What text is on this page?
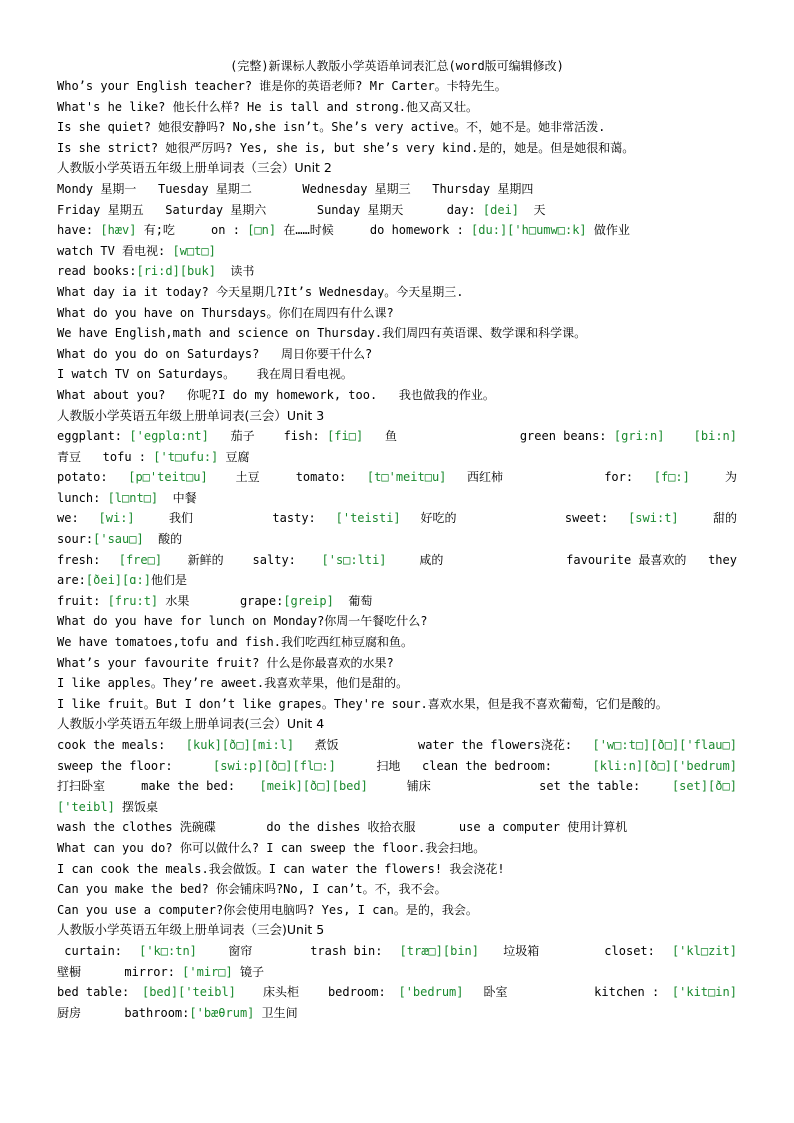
(完整)新课标人教版小学英语单词表汇总(word版可编辑修改)
Who’s your English teacher? 谁是你的英语老师? Mr Carter。卡特先生。
What's he like? 他长什么样? He is tall and strong.他又高又壮。
Is she quiet? 她很安静吗? No,she isn’t。She’s very active。不，她不是。她非常活泼.
Is she strict? 她很严厉吗? Yes, she is, but she’s very kind.是的，她是。但是她很和蔼。
人教版小学英语五年级上册单词表（三会）Unit 2
Mondy 星期一   Tuesday 星期二       Wednesday 星期三   Thursday 星期四
Friday 星期五   Saturday 星期六       Sunday 星期天      day: [dei]  天
have: [hæv] 有;吃     on : [□n] 在……时候     do homework : [du:]['h□umw□:k] 做作业
watch TV 看电视: [w□t□]
read books:[ri:d][buk]  读书
What day ia it today? 今天星期几?It’s Wednesday。今天星期三.
What do you have on Thursdays。你们在周四有什么课?
We have English,math and science on Thursday.我们周四有英语课、数学课和科学课。
What do you do on Saturdays?   周日你要干什么?
I watch TV on Saturdays。   我在周日看电视。
What about you?   你呢?I do my homework, too.   我也做我的作业。
人教版小学英语五年级上册单词表(三会）Unit 3
eggplant: ['egplɑ:nt] 茄子    fish: [fi□] 鱼                 green beans: [gri:n]
[bi:n]
青豆   tofu : ['t□ufu:] 豆腐
potato: [p□'teit□u] 土豆     tomato: [t□'meit□u] 西红柿              for: [f□:] 为
lunch: [l□nt□]  中餐
we: [wi:] 我们           tasty: ['teisti] 好吃的               sweet: [swi:t] 甜的
sour:['sau□]  酸的
fresh: [fre□] 新鲜的    salty: ['s□:lti] 咸的                 favourite 最喜欢的   they
are:[ðei][ɑ:]他们是
fruit: [fru:t] 水果       grape:[greip]  葡萄
What do you have for lunch on Monday?你周一午餐吃什么?
We have tomatoes,tofu and fish.我们吃西红柿豆腐和鱼。
What’s your favourite fruit? 什么是你最喜欢的水果?
I like apples。They’re aweet.我喜欢苹果，他们是甜的。
I like fruit。But I don’t like grapes。They're sour.喜欢水果，但是我不喜欢葡萄，它们是酸的。
人教版小学英语五年级上册单词表(三会）Unit 4
cook the meals: [kuk][ð□][mi:l] 煮饭           water the flowers浇花: ['w□:t□][ð□]['flau□]
sweep the floor:	[swi:p][ð□][fl□:]	扫地   clean the bedroom:	[kli:n][ð□]['bedrum]
打扫卧室     make the bed: [meik][ð□][bed] 铺床               set the table: [set][ð□]
['teibl] 摆饭桌
wash the clothes 洗碗碟       do the dishes 收拾衣服      use a computer 使用计算机
What can you do? 你可以做什么? I can sweep the floor.我会扫地。
I can cook the meals.我会做饭。I can water the flowers! 我会浇花!
Can you make the bed? 你会铺床吗?No, I can’t。不，我不会。
Can you use a computer?你会使用电脑吗? Yes, I can。是的，我会。
人教版小学英语五年级上册单词表（三会)Unit 5
curtain: ['k□:tn] 窗帘        trash bin: [træ□][bin] 垃圾箱         closet: ['kl□zit]
壁橱      mirror: ['mir□] 镜子
bed table: [bed]['teibl] 床头柜    bedroom: ['bedrum] 卧室            kitchen : ['kit□in]
厨房      bathroom:['bæθrum] 卫生间
